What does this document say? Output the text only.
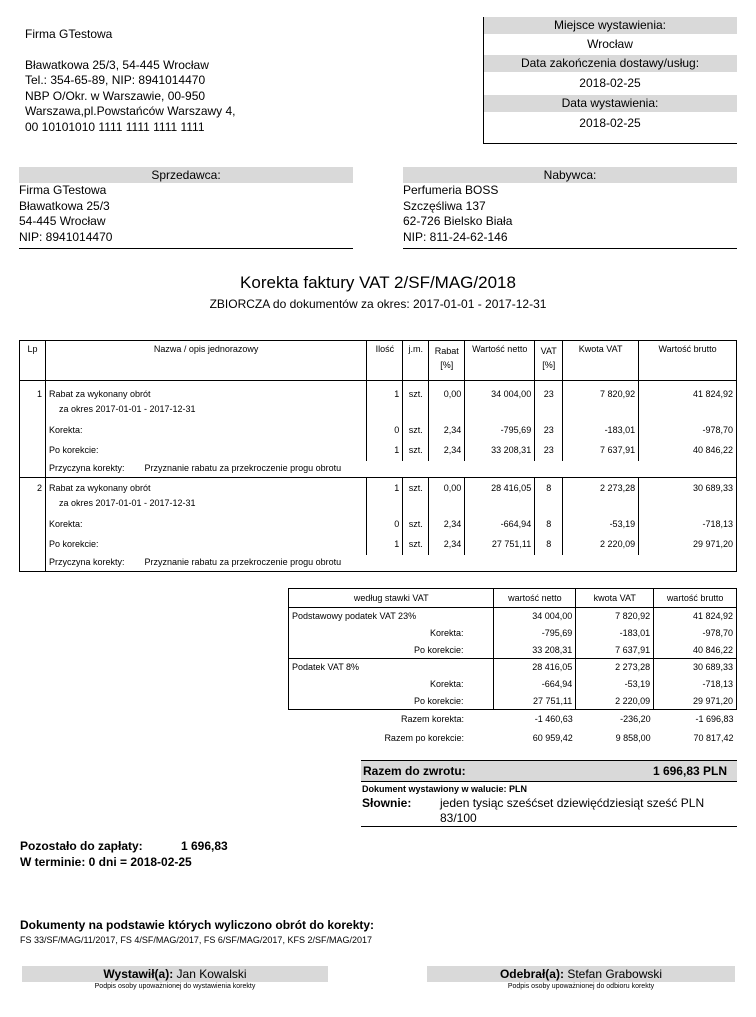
Firma GTestowa
Bławatkowa 25/3, 54-445 Wrocław
Tel.: 354-65-89, NIP: 8941014470
NBP O/Okr. w Warszawie, 00-950
Warszawa,pl.Powstańców Warszawy 4,
00 10101010 1111 1111 1111 1111
Miejsce wystawienia:
Wrocław
Data zakończenia dostawy/usług:
2018-02-25
Data wystawienia:
2018-02-25
Sprzedawca:
Firma GTestowa
Bławatkowa 25/3
54-445 Wrocław
NIP: 8941014470
Nabywca:
Perfumeria BOSS
Szczęśliwa 137
62-726 Bielsko Biała
NIP: 811-24-62-146
Korekta faktury VAT 2/SF/MAG/2018
ZBIORCZA do dokumentów za okres: 2017-01-01 - 2017-12-31
Lp	Nazwa / opis jednorazowy	Ilość	j.m.	Rabat [%]	Wartość netto	VAT [%]	Kwota VAT	Wartość brutto

1	Rabat za wykonany obrót	1	szt.	0,00	34 004,00	23	7 820,92	41 824,92
	za okres 2017-01-01 - 2017-12-31							
	Korekta:	0	szt.	2,34	-795,69	23	-183,01	-978,70
	Po korekcie:	1	szt.	2,34	33 208,31	23	7 637,91	40 846,22
	Przyczyna korekty: Przyznanie rabatu za przekroczenie progu obrotu							
2	Rabat za wykonany obrót	1	szt.	0,00	28 416,05	8	2 273,28	30 689,33
	za okres 2017-01-01 - 2017-12-31							
	Korekta:	0	szt.	2,34	-664,94	8	-53,19	-718,13
	Po korekcie:	1	szt.	2,34	27 751,11	8	2 220,09	29 971,20
	Przyczyna korekty: Przyznanie rabatu za przekroczenie progu obrotu							
według stawki VAT	wartość netto	kwota VAT	wartość brutto
Podstawowy podatek VAT 23%	34 004,00	7 820,92	41 824,92
Korekta:	-795,69	-183,01	-978,70
Po korekcie:	33 208,31	7 637,91	40 846,22
Podatek VAT 8%	28 416,05	2 273,28	30 689,33
Korekta:	-664,94	-53,19	-718,13
Po korekcie:	27 751,11	2 220,09	29 971,20
Razem korekta:	-1 460,63	-236,20	-1 696,83
Razem po korekcie:	60 959,42	9 858,00	70 817,42
Razem do zwrotu:	1 696,83 PLN
Dokument wystawiony w walucie: PLN
Słownie: jeden tysiąc sześćset dziewięćdziesiąt sześć PLN
83/100
Pozostało do zapłaty:	1 696,83
W terminie: 0 dni = 2018-02-25
Dokumenty na podstawie których wyliczono obrót do korekty:
FS 33/SF/MAG/11/2017, FS 4/SF/MAG/2017, FS 6/SF/MAG/2017, KFS 2/SF/MAG/2017
Wystawił(a): Jan Kowalski
Podpis osoby upoważnionej do wystawienia korekty
Odebrał(a): Stefan Grabowski
Podpis osoby upoważnionej do odbioru korekty
